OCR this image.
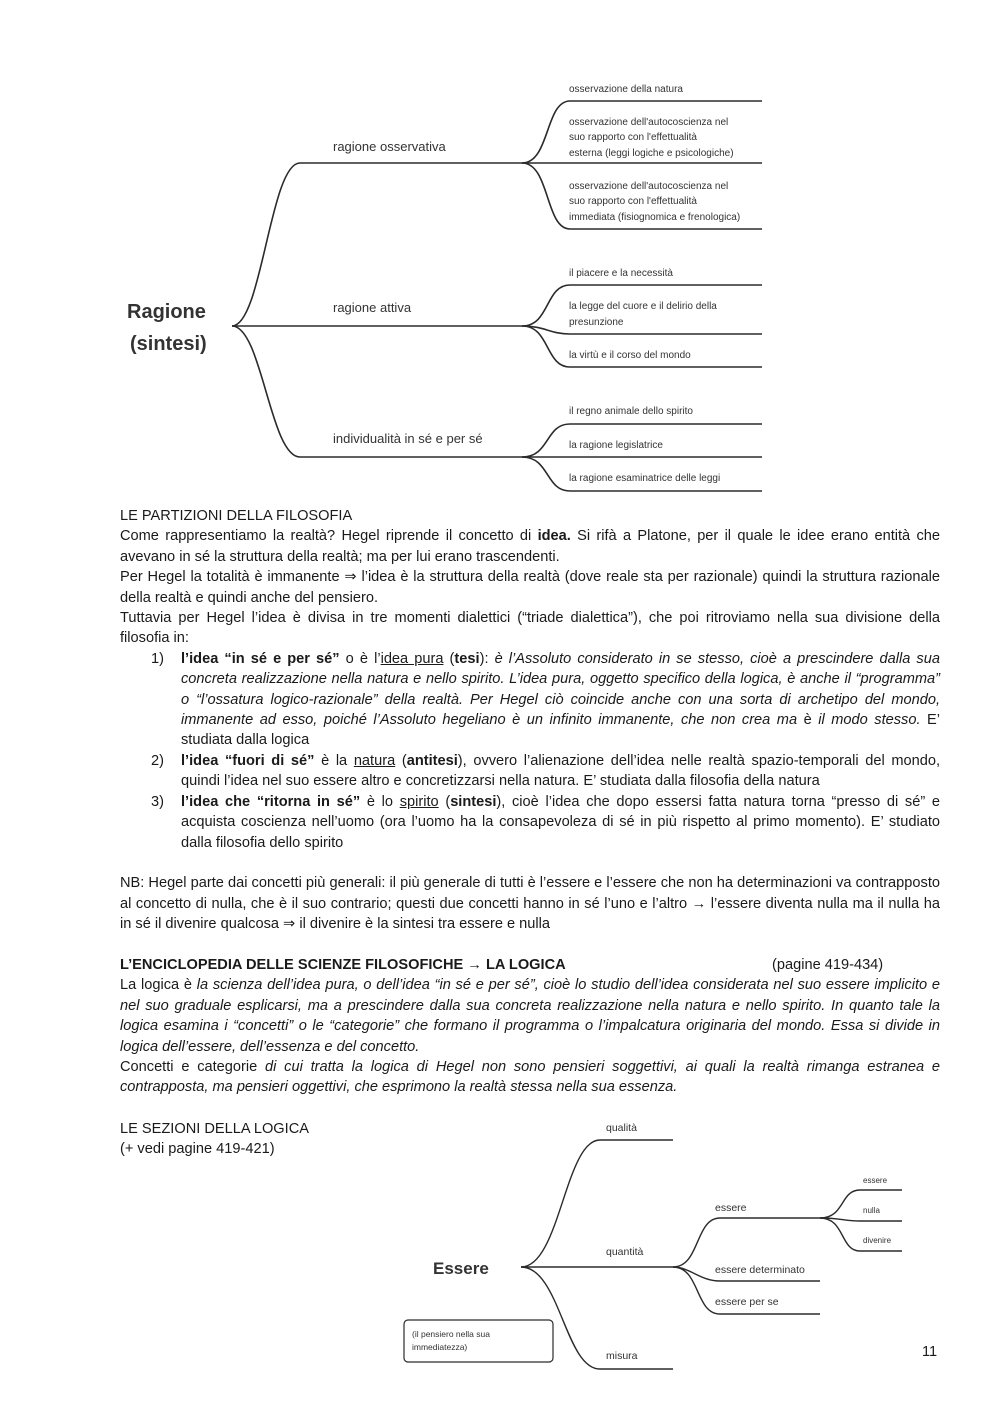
Ragione
(sintesi)
ragione osservativa
ragione attiva
individualità in sé e per sé
osservazione della natura
osservazione dell'autocoscienza nel
suo rapporto con l'effettualità
esterna (leggi logiche e psicologiche)
osservazione dell'autocoscienza nel
suo rapporto con l'effettualità
immediata (fisiognomica e frenologica)
il piacere e la necessità
la legge del cuore e il delirio della
presunzione
la virtù e il corso del mondo
il regno animale dello spirito
la ragione legislatrice
la ragione esaminatrice delle leggi

LE PARTIZIONI DELLA FILOSOFIA

Come rappresentiamo la realtà? Hegel riprende il concetto di idea. Si rifà a Platone, per il quale le idee erano entità che avevano in sé la struttura della realtà; ma per lui erano trascendenti.

Per Hegel la totalità è immanente ⇒ l’idea è la struttura della realtà (dove reale sta per razionale) quindi la struttura razionale della realtà e quindi anche del pensiero.

Tuttavia per Hegel l’idea è divisa in tre momenti dialettici (“triade dialettica”), che poi ritroviamo nella sua divisione della filosofia in:

1) l’idea “in sé e per sé” o è l’idea pura (tesi): è l’Assoluto considerato in se stesso, cioè a prescindere dalla sua concreta realizzazione nella natura e nello spirito. L’idea pura, oggetto specifico della logica, è anche il “programma” o “l’ossatura logico-razionale” della realtà. Per Hegel ciò coincide anche con una sorta di archetipo del mondo, immanente ad esso, poiché l’Assoluto hegeliano è un infinito immanente, che non crea ma è il modo stesso. E’ studiata dalla logica
2) l’idea “fuori di sé” è la natura (antitesi), ovvero l’alienazione dell’idea nelle realtà spazio-temporali del mondo, quindi l’idea nel suo essere altro e concretizzarsi nella natura. E’ studiata dalla filosofia della natura
3) l’idea che “ritorna in sé” è lo spirito (sintesi), cioè l’idea che dopo essersi fatta natura torna “presso di sé” e acquista coscienza nell’uomo (ora l’uomo ha la consapevoleza di sé in più rispetto al primo momento). E’ studiato dalla filosofia dello spirito

NB: Hegel parte dai concetti più generali: il più generale di tutti è l’essere e l’essere che non ha determinazioni va contrapposto al concetto di nulla, che è il suo contrario; questi due concetti hanno in sé l’uno e l’altro → l’essere diventa nulla ma il nulla ha in sé il divenire qualcosa ⇒ il divenire è la sintesi tra essere e nulla

L’ENCICLOPEDIA DELLE SCIENZE FILOSOFICHE → LA LOGICA	(pagine 419-434)

La logica è la scienza dell’idea pura, o dell’idea “in sé e per sé”, cioè lo studio dell’idea considerata nel suo essere implicito e nel suo graduale esplicarsi, ma a prescindere dalla sua concreta realizzazione nella natura e nello spirito. In quanto tale la logica esamina i “concetti” o le “categorie” che formano il programma o l’impalcatura originaria del mondo. Essa si divide in logica dell’essere, dell’essenza e del concetto.

Concetti e categorie di cui tratta la logica di Hegel non sono pensieri soggettivi, ai quali la realtà rimanga estranea e contrapposta, ma pensieri oggettivi, che esprimono la realtà stessa nella sua essenza.

LE SEZIONI DELLA LOGICA
(+ vedi pagine 419-421)
Essere
(il pensiero nella sua
immediatezza)
qualità
quantità
misura
essere
essere determinato
essere per se
essere
nulla
divenire
11
